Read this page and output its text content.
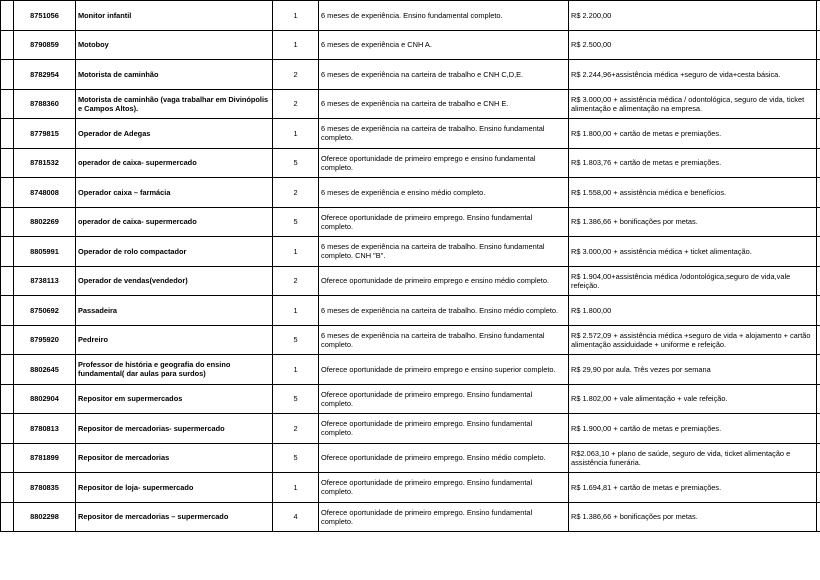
	8751056	Monitor infantil	1	6 meses de experiência. Ensino fundamental completo.	R$ 2.200,00	
	8790859	Motoboy	1	6 meses de experiência e CNH A.	R$ 2.500,00	
	8782954	Motorista de caminhão	2	6 meses de experiência na carteira de trabalho e CNH C,D,E.	R$ 2.244,96+assistência médica +seguro de vida+cesta básica.	
	8788360	Motorista de caminhão (vaga trabalhar em Divinópolis e Campos Altos).	2	6 meses de experiência na carteira de trabalho e CNH E.	R$ 3.000,00 + assistência médica / odontológica, seguro de vida, ticket alimentação e alimentação na empresa.	
	8779815	Operador de Adegas	1	6 meses de experiência na carteira de trabalho. Ensino fundamental completo.	R$ 1.800,00 + cartão de metas e premiações.	
	8781532	operador de caixa- supermercado	5	Oferece oportunidade de primeiro emprego e ensino fundamental completo.	R$ 1.803,76 + cartão de metas e premiações.	
	8748008	Operador caixa – farmácia	2	6 meses de experiência e ensino médio completo.	R$ 1.558,00 + assistência médica e benefícios.	
	8802269	operador de caixa- supermercado	5	Oferece oportunidade de primeiro emprego. Ensino fundamental completo.	R$ 1.386,66 + bonificações por metas.	
	8805991	Operador de rolo compactador	1	6 meses de experiência na carteira de trabalho. Ensino fundamental completo. CNH "B".	R$ 3.000,00 + assistência médica + ticket alimentação.	
	8738113	Operador de vendas(vendedor)	2	Oferece oportunidade de primeiro emprego e ensino médio completo.	R$ 1.904,00+assistência médica /odontológica,seguro de vida,vale refeição.	
	8750692	Passadeira	1	6 meses de experiência na carteira de trabalho. Ensino médio completo.	R$ 1.800,00	
	8795920	Pedreiro	5	6 meses de experiência na carteira de trabalho. Ensino fundamental completo.	R$ 2.572,09 + assistência médica +seguro de vida + alojamento + cartão alimentação assiduidade + uniforme e refeição.	
	8802645	Professor de história e geografia do ensino fundamental( dar aulas para surdos)	1	Oferece oportunidade de primeiro emprego e ensino superior completo.	R$ 29,90 por aula. Três vezes por semana	
	8802904	Repositor em supermercados	5	Oferece oportunidade de primeiro emprego. Ensino fundamental completo.	R$ 1.802,00 + vale alimentação + vale refeição.	
	8780813	Repositor de mercadorias- supermercado	2	Oferece oportunidade de primeiro emprego. Ensino fundamental completo.	R$ 1.900,00 + cartão de metas e premiações.	
	8781899	Repositor de mercadorias	5	Oferece oportunidade de primeiro emprego. Ensino médio completo.	R$2.063,10 + plano de saúde, seguro de vida, ticket alimentação e assistência funerária.	
	8780835	Repositor de loja- supermercado	1	Oferece oportunidade de primeiro emprego. Ensino fundamental completo.	R$ 1.694,81 + cartão de metas e premiações.	
	8802298	Repositor de mercadorias – supermercado	4	Oferece oportunidade de primeiro emprego. Ensino fundamental completo.	R$ 1.386,66 + bonificações por metas.	
